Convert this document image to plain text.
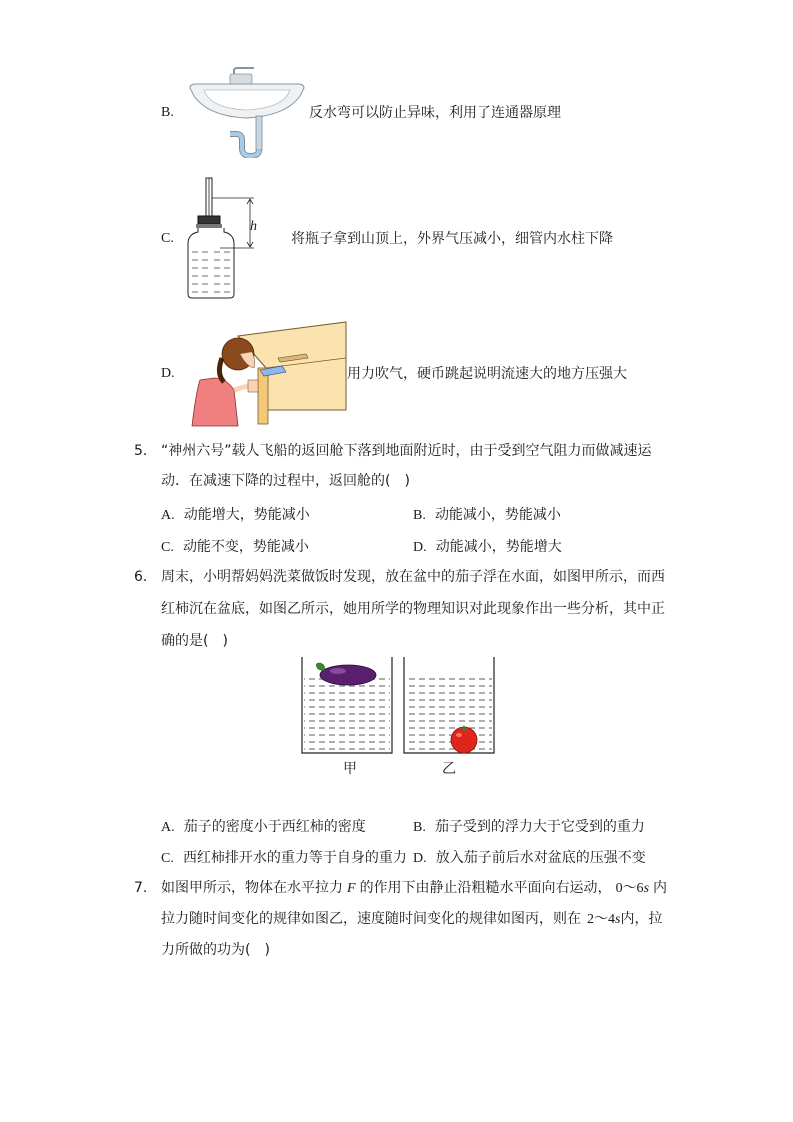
B.	反水弯可以防止异味，利用了连通器原理
C.
h
将瓶子拿到山顶上，外界气压减小，细管内水柱下降
D.	用力吹气，硬币跳起说明流速大的地方压强大
5. “神州六号”载人飞船的返回舱下落到地面附近时，由于受到空气阻力而做减速运
动．在减速下降的过程中，返回舱的(　)
A. 动能增大，势能减小	B. 动能减小，势能减小
C. 动能不变，势能减小	D. 动能减小，势能增大
6. 周末，小明帮妈妈洗菜做饭时发现，放在盆中的茄子浮在水面，如图甲所示，而西
红柿沉在盆底，如图乙所示，她用所学的物理知识对此现象作出一些分析，其中正
确的是(　)
甲	乙
A. 茄子的密度小于西红柿的密度	B. 茄子受到的浮力大于它受到的重力
C. 西红柿排开水的重力等于自身的重力 D. 放入茄子前后水对盆底的压强不变
7. 如图甲所示，物体在水平拉力 F 的作用下由静止沿粗糙水平面向右运动， 0～6s 内
拉力随时间变化的规律如图乙，速度随时间变化的规律如图丙，则在 2～4s内，拉
力所做的功为(　)
